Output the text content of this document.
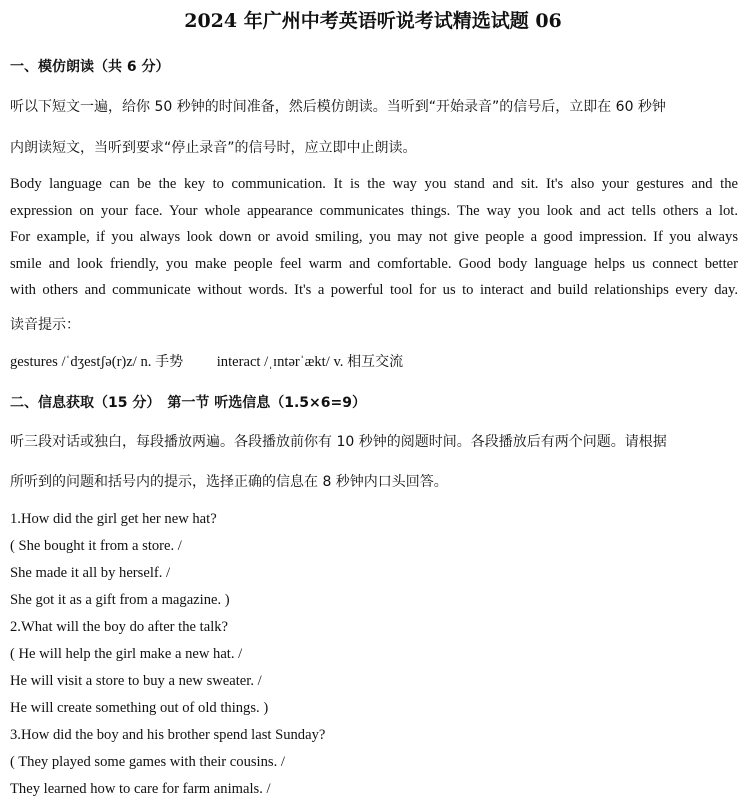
2024 年广州中考英语听说考试精选试题 06
一、模仿朗读（共 6 分）
听以下短文一遍，给你 50 秒钟的时间准备，然后模仿朗读。当听到“开始录音”的信号后，立即在 60 秒钟
内朗读短文，当听到要求“停止录音”的信号时，应立即中止朗读。
Body language can be the key to communication. It is the way you stand and sit. It's also your gestures and the
expression on your face. Your whole appearance communicates things. The way you look and act tells others a lot.
For example, if you always look down or avoid smiling, you may not give people a good impression. If you always
smile and look friendly, you make people feel warm and comfortable. Good body language helps us connect better
with others and communicate without words. It's a powerful tool for us to interact and build relationships every day.
读音提示：
gestures /ˈdʒestʃə(r)z/ n. 手势 interact /ˌɪntərˈækt/ v. 相互交流
二、信息获取（15 分）　第一节 听选信息（1.5×6=9）
听三段对话或独白，每段播放两遍。各段播放前你有 10 秒钟的阅题时间。各段播放后有两个问题。请根据
所听到的问题和括号内的提示，选择正确的信息在 8 秒钟内口头回答。
1.How did the girl get her new hat?
( She bought it from a store. /
She made it all by herself. /
She got it as a gift from a magazine. )
2.What will the boy do after the talk?
( He will help the girl make a new hat. /
He will visit a store to buy a new sweater. /
He will create something out of old things. )
3.How did the boy and his brother spend last Sunday?
( They played some games with their cousins. /
They learned how to care for farm animals. /
